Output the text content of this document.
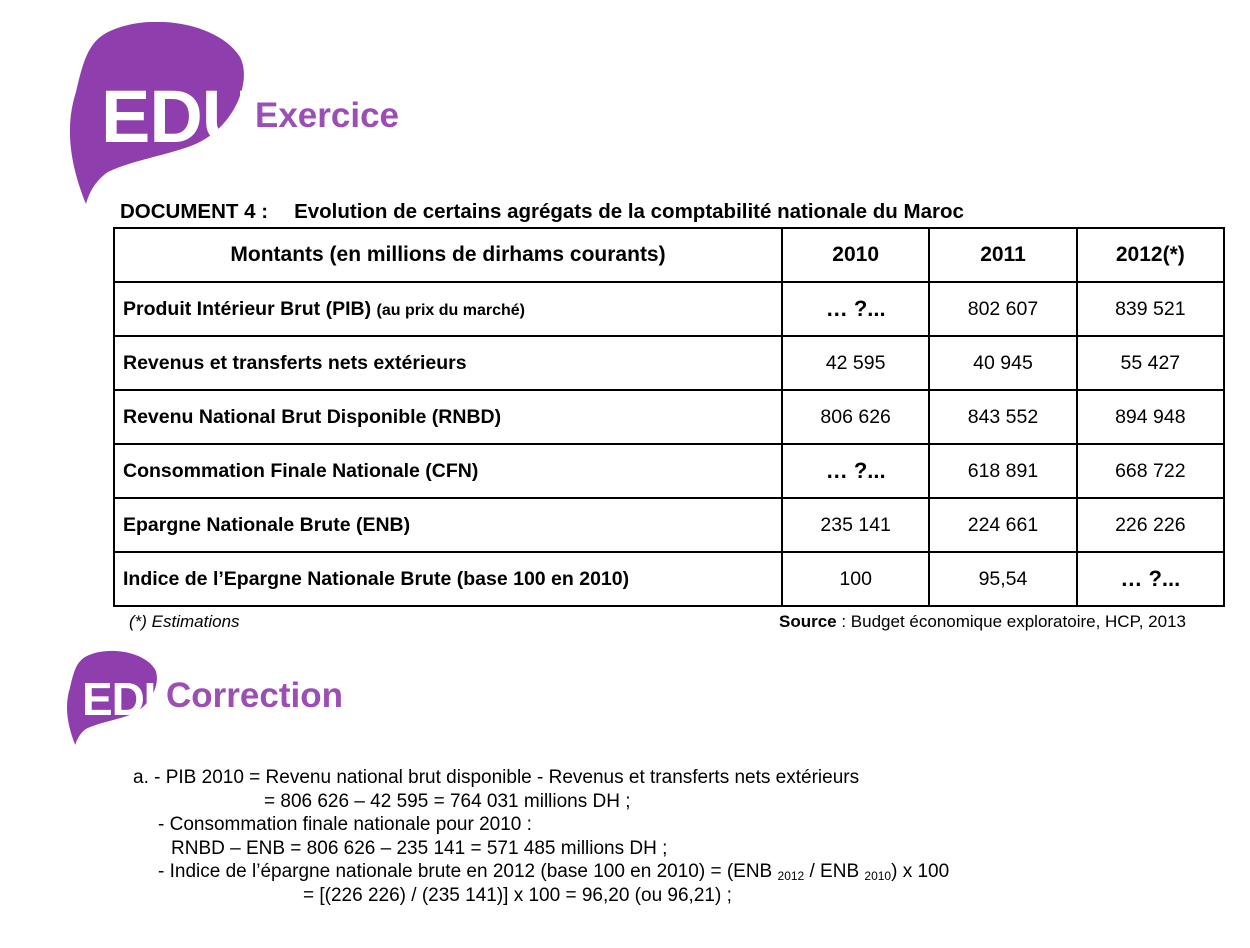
EDU Exercice
DOCUMENT 4 : Evolution de certains agrégats de la comptabilité nationale du Maroc
Montants (en millions de dirhams courants)	2010	2011	2012(*)
Produit Intérieur Brut (PIB) (au prix du marché)	… ?...	802 607	839 521
Revenus et transferts nets extérieurs	42 595	40 945	55 427
Revenu National Brut Disponible (RNBD)	806 626	843 552	894 948
Consommation Finale Nationale (CFN)	… ?...	618 891	668 722
Epargne Nationale Brute (ENB)	235 141	224 661	226 226
Indice de l’Epargne Nationale Brute (base 100 en 2010)	100	95,54	… ?...
(*) Estimations	Source : Budget économique exploratoire, HCP, 2013
EDU
Correction
a. - PIB 2010 = Revenu national brut disponible - Revenus et transferts nets extérieurs
= 806 626 – 42 595 = 764 031 millions DH ;
- Consommation finale nationale pour 2010 :
RNBD – ENB = 806 626 – 235 141 = 571 485 millions DH ;
- Indice de l’épargne nationale brute en 2012 (base 100 en 2010) = (ENB $_{2012}$ / ENB $_{2010}$) x 100
= [(226 226) / (235 141)] x 100 = 96,20 (ou 96,21) ;
